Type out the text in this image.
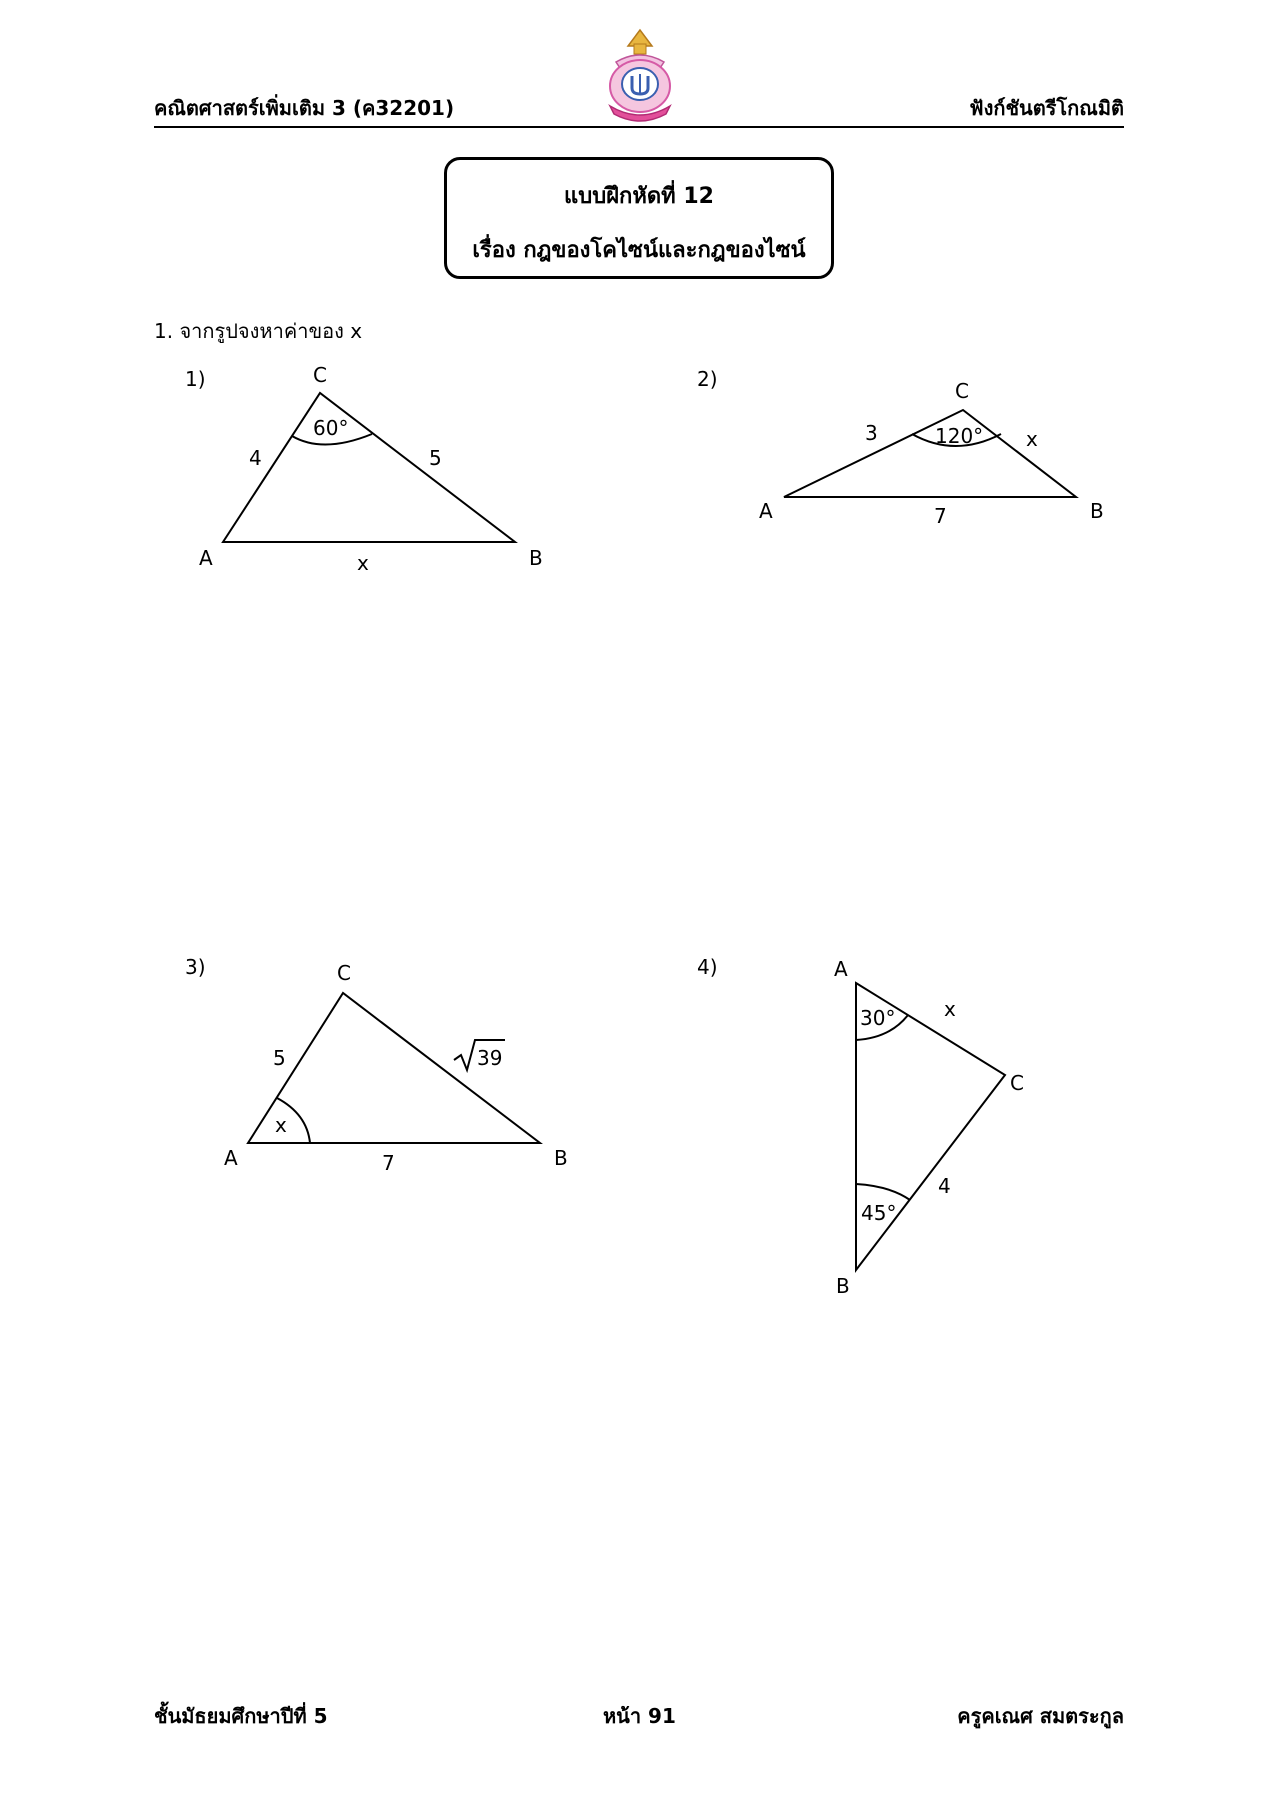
คณิตศาสตร์เพิ่มเติม 3 (ค32201)	ฟังก์ชันตรีโกณมิติ
แบบฝึกหัดที่ 12
เรื่อง กฎของโคไซน์และกฎของไซน์
1. จากรูปจงหาค่าของ x
1)	2)
3)	4)
C
A	B
4	5
x
60°
C
A	B
3	x
7
120°
C
A	B
5	39
7
x
A
B
C
x
4
30°
45°
ชั้นมัธยมศึกษาปีที่ 5	หน้า 91	ครูคเณศ สมตระกูล
